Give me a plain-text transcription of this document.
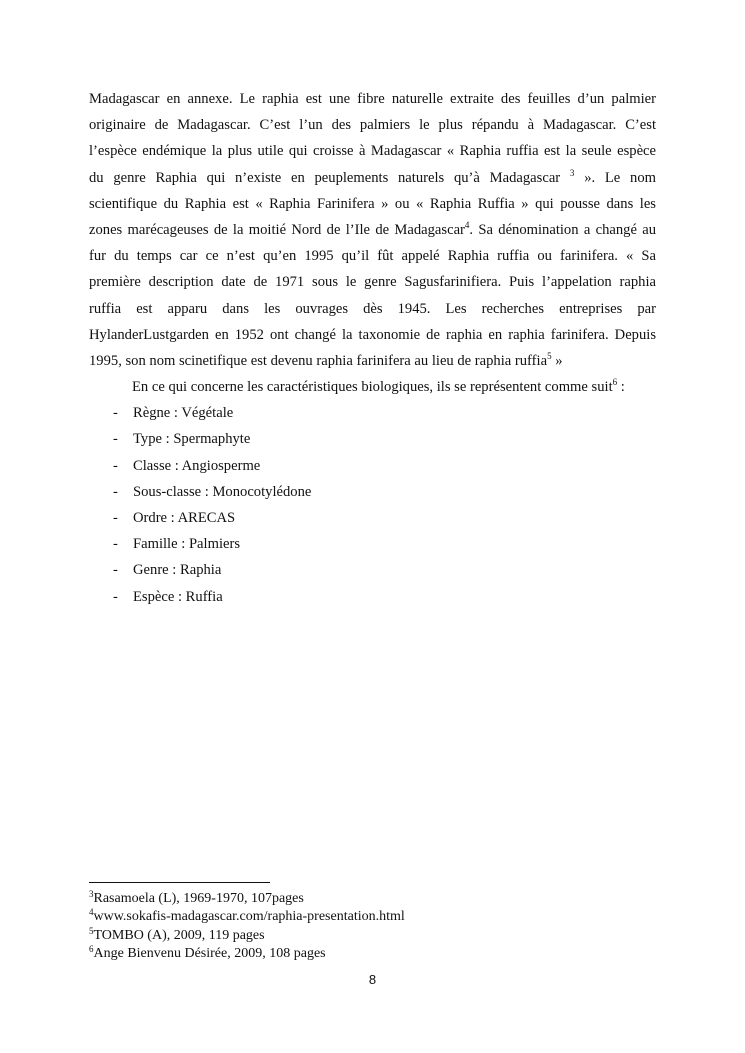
Madagascar en annexe. Le raphia est une fibre naturelle extraite des feuilles d’un palmier
originaire de Madagascar. C’est l’un des palmiers le plus répandu à Madagascar. C’est
l’espèce endémique la plus utile qui croisse à Madagascar « Raphia ruffia est la seule espèce
du genre Raphia qui n’existe en peuplements naturels qu’à Madagascar $^3$ ». Le nom
scientifique du Raphia est « Raphia Farinifera » ou « Raphia Ruffia » qui pousse dans les
zones marécageuses de la moitié Nord de l’Ile de Madagascar$^4$. Sa dénomination a changé au
fur du temps car ce n’est qu’en 1995 qu’il fût appelé Raphia ruffia ou farinifera. « Sa
première description date de 1971 sous le genre Sagusfarinifiera. Puis l’appelation raphia
ruffia est apparu dans les ouvrages dès 1945. Les recherches entreprises par
HylanderLustgarden en 1952 ont changé la taxonomie de raphia en raphia farinifera. Depuis
1995, son nom scinetifique est devenu raphia farinifera au lieu de raphia ruffia$^5$ »

En ce qui concerne les caractéristiques biologiques, ils se représentent comme suit$^6$ :

- Règne : Végétale
- Type : Spermaphyte
- Classe : Angiosperme
- Sous-classe : Monocotylédone
- Ordre : ARECAS
- Famille : Palmiers
- Genre : Raphia
- Espèce : Ruffia
$^3$Rasamoela (L), 1969-1970, 107pages
$^4$www.sokafis-madagascar.com/raphia-presentation.html
$^5$TOMBO (A), 2009, 119 pages
$^6$Ange Bienvenu Désirée, 2009, 108 pages
8
